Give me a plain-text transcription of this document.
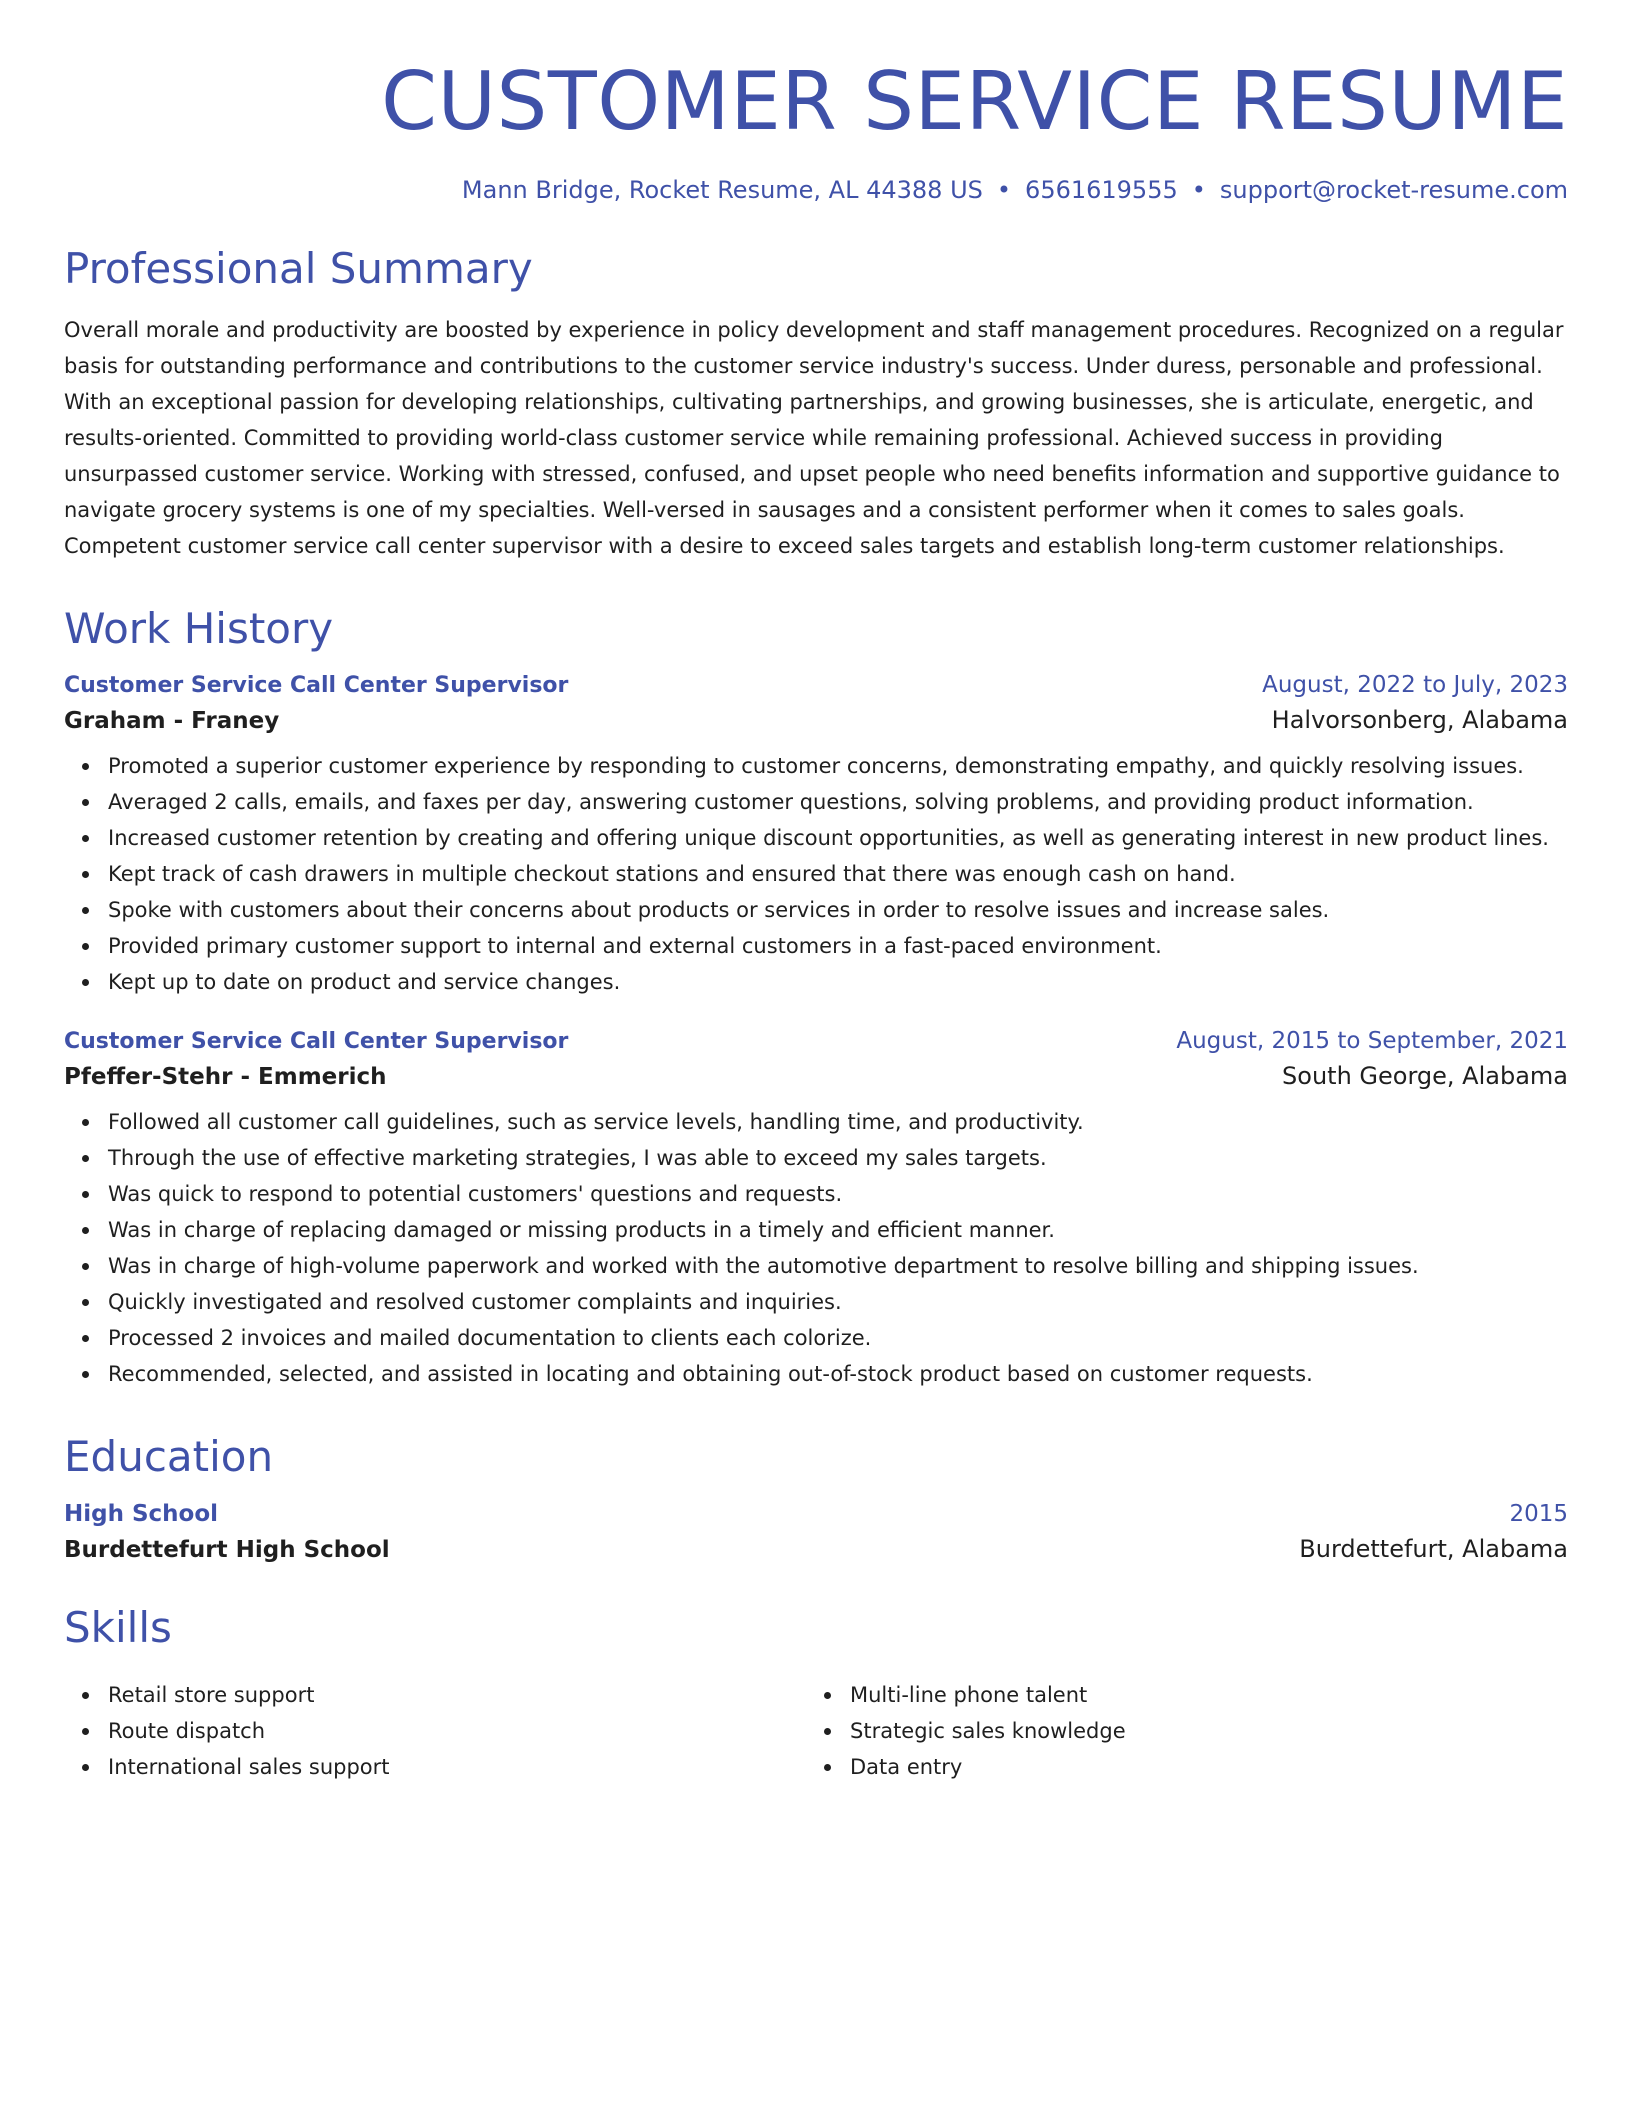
CUSTOMER SERVICE RESUME
Mann Bridge, Rocket Resume, AL 44388 US • 6561619555 • support@rocket-resume.com
Professional Summary

Overall morale and productivity are boosted by experience in policy development and staff management procedures. Recognized on a regular basis for outstanding performance and contributions to the customer service industry's success. Under duress, personable and professional. With an exceptional passion for developing relationships, cultivating partnerships, and growing businesses, she is articulate, energetic, and results-oriented. Committed to providing world-class customer service while remaining professional. Achieved success in providing unsurpassed customer service. Working with stressed, confused, and upset people who need benefits information and supportive guidance to navigate grocery systems is one of my specialties. Well-versed in sausages and a consistent performer when it comes to sales goals. Competent customer service call center supervisor with a desire to exceed sales targets and establish long-term customer relationships.

Work History
Customer Service Call Center Supervisor	August, 2022 to July, 2023
Graham - Franey	Halvorsonberg, Alabama
Promoted a superior customer experience by responding to customer concerns, demonstrating empathy, and quickly resolving issues.
Averaged 2 calls, emails, and faxes per day, answering customer questions, solving problems, and providing product information.
Increased customer retention by creating and offering unique discount opportunities, as well as generating interest in new product lines.
Kept track of cash drawers in multiple checkout stations and ensured that there was enough cash on hand.
Spoke with customers about their concerns about products or services in order to resolve issues and increase sales.
Provided primary customer support to internal and external customers in a fast-paced environment.
Kept up to date on product and service changes.
Customer Service Call Center Supervisor	August, 2015 to September, 2021
Pfeffer-Stehr - Emmerich	South George, Alabama
Followed all customer call guidelines, such as service levels, handling time, and productivity.
Through the use of effective marketing strategies, I was able to exceed my sales targets.
Was quick to respond to potential customers' questions and requests.
Was in charge of replacing damaged or missing products in a timely and efficient manner.
Was in charge of high-volume paperwork and worked with the automotive department to resolve billing and shipping issues.
Quickly investigated and resolved customer complaints and inquiries.
Processed 2 invoices and mailed documentation to clients each colorize.
Recommended, selected, and assisted in locating and obtaining out-of-stock product based on customer requests.
Education
High School	2015
Burdettefurt High School	Burdettefurt, Alabama
Skills
Retail store support
Route dispatch
International sales support
Multi-line phone talent
Strategic sales knowledge
Data entry
